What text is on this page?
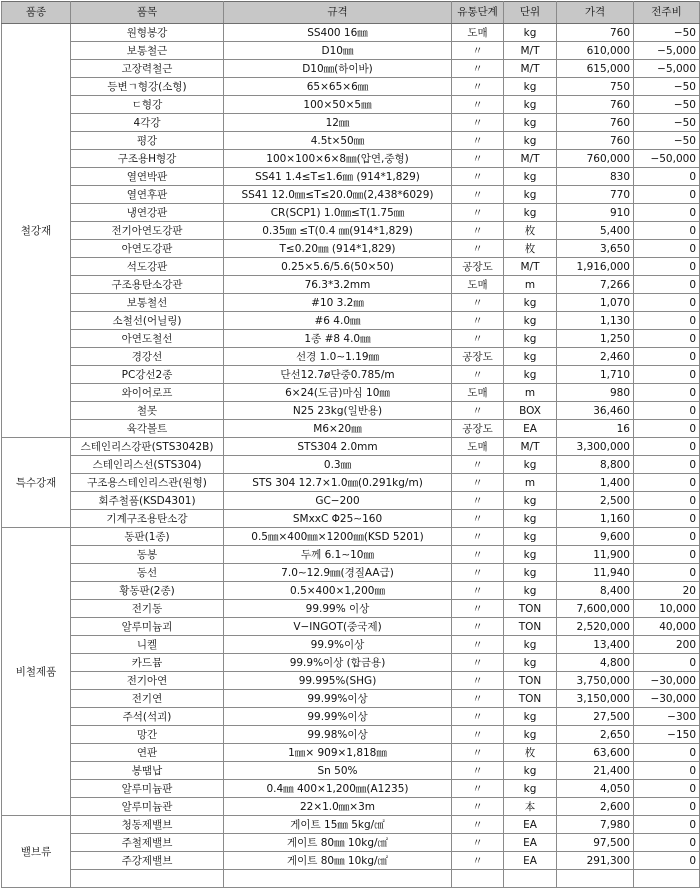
품종	품목	규격	유통단계	단위	가격	전주비
철강재	원형봉강	SS400 16㎜	도매	kg	760	−50
	보통철근	D10㎜	〃	M/T	610,000	−5,000
	고장력철근	D10㎜(하이바)	〃	M/T	615,000	−5,000
	등변ㄱ형강(소형)	65×65×6㎜	〃	kg	750	−50
	ㄷ형강	100×50×5㎜	〃	kg	760	−50
	4각강	12㎜	〃	kg	760	−50
	평강	4.5t×50㎜	〃	kg	760	−50
	구조용H형강	100×100×6×8㎜(압연,중형)	〃	M/T	760,000	−50,000
	열연박판	SS41 1.4≤T≤1.6㎜ (914*1,829)	〃	kg	830	0
	열연후판	SS41 12.0㎜≤T≤20.0㎜(2,438*6029)	〃	kg	770	0
	냉연강판	CR(SCP1) 1.0㎜≤T(1.75㎜	〃	kg	910	0
	전기아연도강판	0.35㎜ ≤T(0.4 ㎜(914*1,829)	〃	枚	5,400	0
	아연도강판	T≤0.20㎜ (914*1,829)	〃	枚	3,650	0
	석도강판	0.25×5.6/5.6(50×50)	공장도	M/T	1,916,000	0
	구조용탄소강관	76.3*3.2mm	도매	m	7,266	0
	보통철선	#10 3.2㎜	〃	kg	1,070	0
	소철선(어닐링)	#6 4.0㎜	〃	kg	1,130	0
	아연도철선	1종 #8 4.0㎜	〃	kg	1,250	0
	경강선	선경 1.0∼1.19㎜	공장도	kg	2,460	0
	PC강선2종	단선12.7ø단중0.785/m	〃	kg	1,710	0
	와이어로프	6×24(도금)마심 10㎜	도매	m	980	0
	철못	N25 23kg(일반용)	〃	BOX	36,460	0
	육각볼트	M6×20㎜	공장도	EA	16	0
특수강재	스테인리스강판(STS3042B)	STS304 2.0mm	도매	M/T	3,300,000	0
	스테인리스선(STS304)	0.3㎜	〃	kg	8,800	0
	구조용스테인리스관(원형)	STS 304 12.7×1.0㎜(0.291kg/m)	〃	m	1,400	0
	회주철품(KSD4301)	GC−200	〃	kg	2,500	0
	기계구조용탄소강	SMxxC Φ25∼160	〃	kg	1,160	0
비철제품	동판(1종)	0.5㎜×400㎜×1200㎜(KSD 5201)	〃	kg	9,600	0
	동봉	두께 6.1∼10㎜	〃	kg	11,900	0
	동선	7.0∼12.9㎜(경질AA급)	〃	kg	11,940	0
	황동판(2종)	0.5×400×1,200㎜	〃	kg	8,400	20
	전기동	99.99% 이상	〃	TON	7,600,000	10,000
	알루미늄괴	V−INGOT(중국제)	〃	TON	2,520,000	40,000
	니켈	99.9%이상	〃	kg	13,400	200
	카드뮴	99.9%이상 (합금용)	〃	kg	4,800	0
	전기아연	99.995%(SHG)	〃	TON	3,750,000	−30,000
	전기연	99.99%이상	〃	TON	3,150,000	−30,000
	주석(석괴)	99.99%이상	〃	kg	27,500	−300
	망간	99.98%이상	〃	kg	2,650	−150
	연판	1㎜× 909×1,818㎜	〃	枚	63,600	0
	봉땜납	Sn 50%	〃	kg	21,400	0
	알루미늄판	0.4㎜ 400×1,200㎜(A1235)	〃	kg	4,050	0
	알루미늄관	22×1.0㎜×3m	〃	本	2,600	0
밸브류	청동제밸브	게이트 15㎜ 5kg/㎠	〃	EA	7,980	0
	주철제밸브	게이트 80㎜ 10kg/㎠	〃	EA	97,500	0
	주강제밸브	게이트 80㎜ 10kg/㎠	〃	EA	291,300	0
